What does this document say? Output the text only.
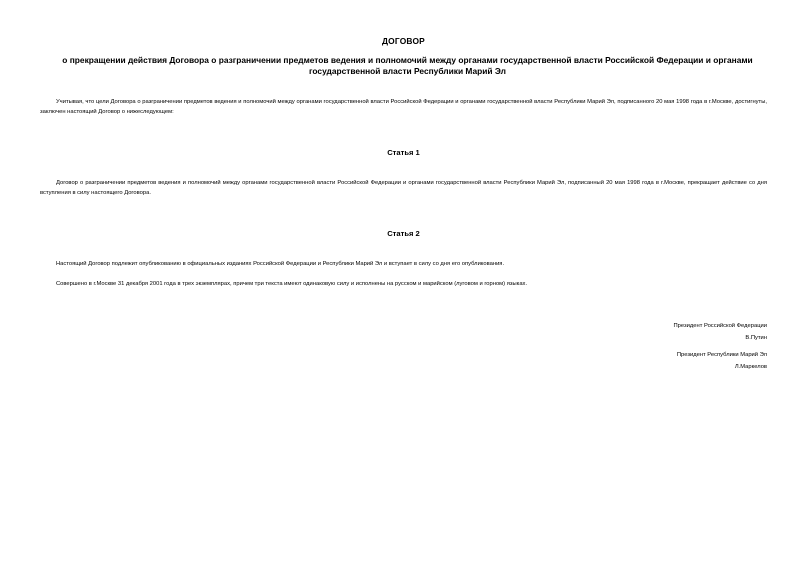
ДОГОВОР
о прекращении действия Договора о разграничении предметов ведения и полномочий между органами государственной власти Российской Федерации и органами государственной власти Республики Марий Эл
Учитывая, что цели Договора о разграничении предметов ведения и полномочий между органами государственной власти Российской Федерации и органами государственной власти Республики Марий Эл, подписанного 20 мая 1998 года в г.Москве, достигнуты, заключен настоящий Договор о нижеследующем:
Статья 1
Договор о разграничении предметов ведения и полномочий между органами государственной власти Российской Федерации и органами государственной власти Республики Марий Эл, подписанный 20 мая 1998 года в г.Москве, прекращает действие со дня вступления в силу настоящего Договора.
Статья 2
Настоящий Договор подлежит опубликованию в официальных изданиях Российской Федерации и Республики Марий Эл и вступает в силу со дня его опубликования.
Совершено в г.Москве 31 декабря 2001 года в трех экземплярах, причем три текста имеют одинаковую силу и исполнены на русском и марийском (луговом и горном) языках.
Президент Российской Федерации
В.Путин
Президент Республики Марий Эл
Л.Маркелов
